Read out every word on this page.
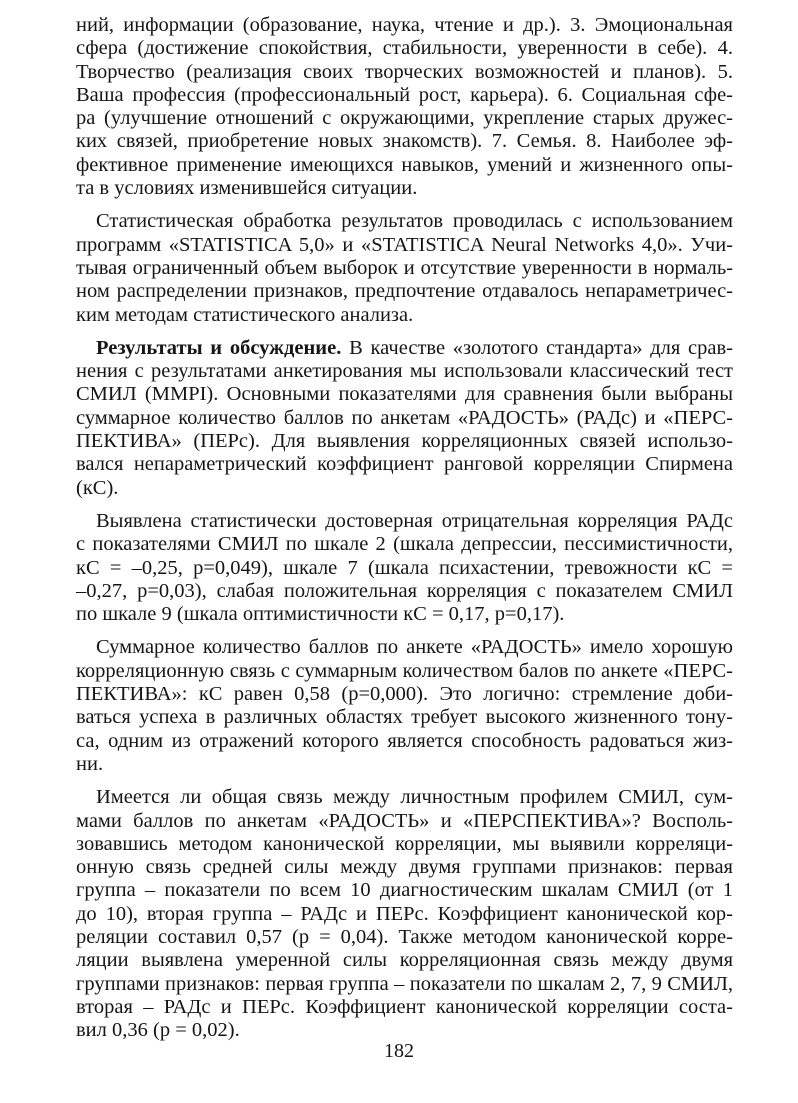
ний, информации (образование, наука, чтение и др.). 3. Эмоциональная
сфера (достижение спокойствия, стабильности, уверенности в себе). 4.
Творчество (реализация своих творческих возможностей и планов). 5.
Ваша профессия (профессиональный рост, карьера). 6. Социальная сфе-
ра (улучшение отношений с окружающими, укрепление старых дружес-
ких связей, приобретение новых знакомств). 7. Семья. 8. Наиболее эф-
фективное применение имеющихся навыков, умений и жизненного опы-
та в условиях изменившейся ситуации.

Статистическая обработка результатов проводилась с использованием
программ «STATISTICA 5,0» и «STATISTICA Neural Networks 4,0». Учи-
тывая ограниченный объем выборок и отсутствие уверенности в нормаль-
ном распределении признаков, предпочтение отдавалось непараметричес-
ким методам статистического анализа.

Результаты и обсуждение. В качестве «золотого стандарта» для срав-
нения с результатами анкетирования мы использовали классический тест
СМИЛ (MMPI). Основными показателями для сравнения были выбраны
суммарное количество баллов по анкетам «РАДОСТЬ» (РАДс) и «ПЕРС-
ПЕКТИВА» (ПЕРс). Для выявления корреляционных связей использо-
вался непараметрический коэффициент ранговой корреляции Спирмена
(кС).

Выявлена статистически достоверная отрицательная корреляция РАДс
с показателями СМИЛ по шкале 2 (шкала депрессии, пессимистичности,
кС = –0,25, p=0,049), шкале 7 (шкала психастении, тревожности кС =
–0,27, p=0,03), слабая положительная корреляция с показателем СМИЛ
по шкале 9 (шкала оптимистичности кС = 0,17, p=0,17).

Суммарное количество баллов по анкете «РАДОСТЬ» имело хорошую
корреляционную связь с суммарным количеством балов по анкете «ПЕРС-
ПЕКТИВА»: кС равен 0,58 (p=0,000). Это логично: стремление доби-
ваться успеха в различных областях требует высокого жизненного тону-
са, одним из отражений которого является способность радоваться жиз-
ни.

Имеется ли общая связь между личностным профилем СМИЛ, сум-
мами баллов по анкетам «РАДОСТЬ» и «ПЕРСПЕКТИВА»? Восполь-
зовавшись методом канонической корреляции, мы выявили корреляци-
онную связь средней силы между двумя группами признаков: первая
группа – показатели по всем 10 диагностическим шкалам СМИЛ (от 1
до 10), вторая группа – РАДс и ПЕРс. Коэффициент канонической кор-
реляции составил 0,57 (p = 0,04). Также методом канонической корре-
ляции выявлена умеренной силы корреляционная связь между двумя
группами признаков: первая группа – показатели по шкалам 2, 7, 9 СМИЛ,
вторая – РАДс и ПЕРс. Коэффициент канонической корреляции соста-
вил 0,36 (p = 0,02).

182
